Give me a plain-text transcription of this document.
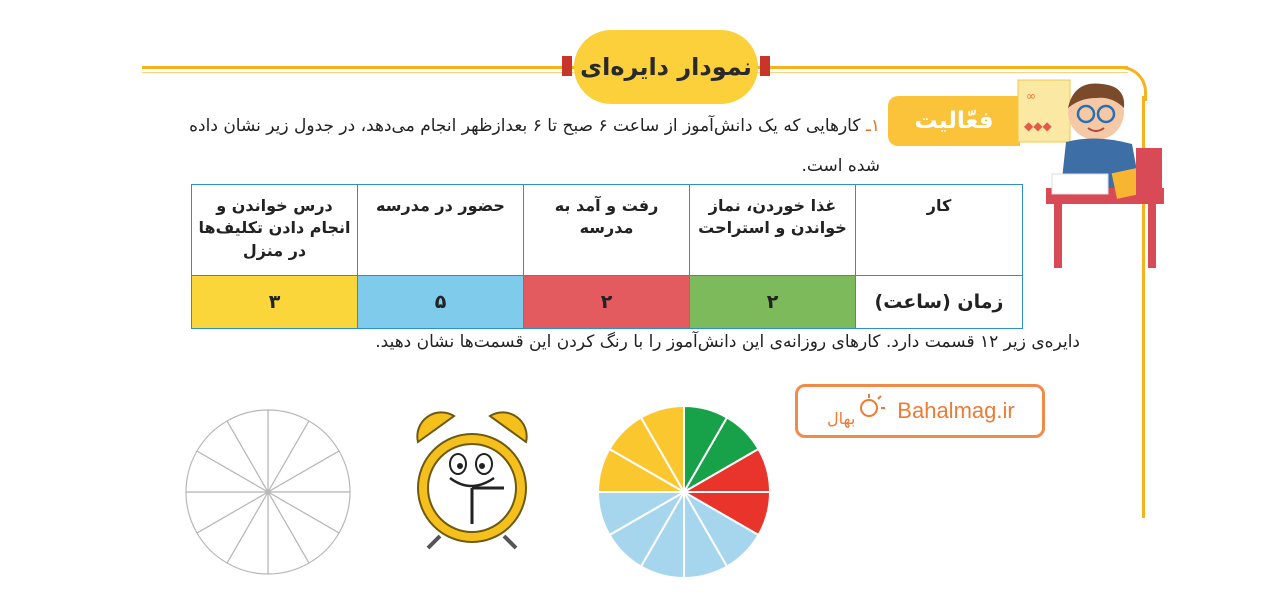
نمودار دایره‌ای
فعّالیت
۱ـ کارهایی که یک دانش‌آموز از ساعت ۶ صبح تا ۶ بعدازظهر انجام می‌دهد، در جدول زیر نشان داده شده است.
کار	غذا خوردن، نماز خواندن و استراحت	رفت و آمد به مدرسه	حضور در مدرسه	درس خواندن و انجام دادن تکلیف‌ها در منزل
زمان (ساعت)	۲	۲	۵	۳
دایره‌ی زیر ۱۲ قسمت دارد. کارهای روزانه‌ی این دانش‌آموز را با رنگ کردن این قسمت‌ها نشان دهید.
∞
◆◆◆
بهال Bahalmag.ir
